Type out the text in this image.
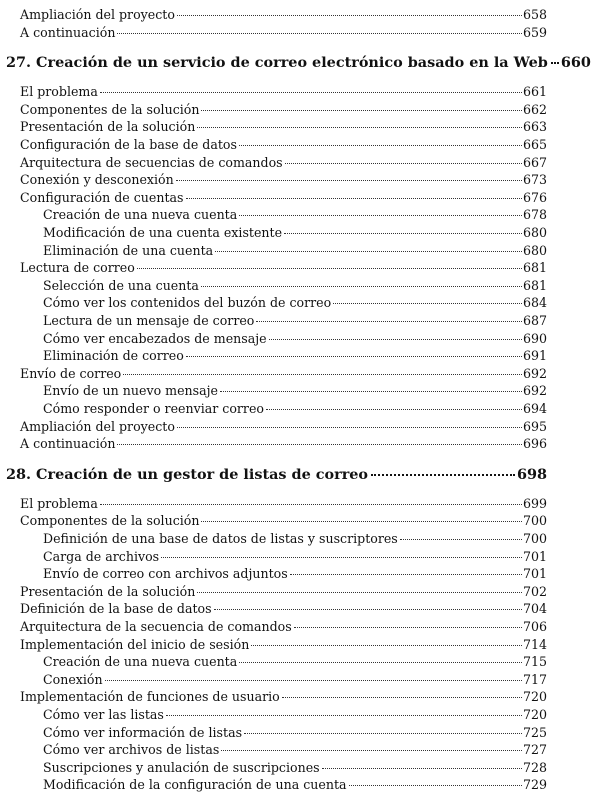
Ampliación del proyecto	658
A continuación	659
27. Creación de un servicio de correo electrónico basado en la Web 660
El problema	661
Componentes de la solución	662
Presentación de la solución	663
Configuración de la base de datos	665
Arquitectura de secuencias de comandos	667
Conexión y desconexión	673
Configuración de cuentas	676
Creación de una nueva cuenta	678
Modificación de una cuenta existente	680
Eliminación de una cuenta	680
Lectura de correo	681
Selección de una cuenta	681
Cómo ver los contenidos del buzón de correo	684
Lectura de un mensaje de correo	687
Cómo ver encabezados de mensaje	690
Eliminación de correo	691
Envío de correo	692
Envío de un nuevo mensaje	692
Cómo responder o reenviar correo	694
Ampliación del proyecto	695
A continuación	696
28. Creación de un gestor de listas de correo	698
El problema	699
Componentes de la solución	700
Definición de una base de datos de listas y suscriptores	700
Carga de archivos	701
Envío de correo con archivos adjuntos	701
Presentación de la solución	702
Definición de la base de datos	704
Arquitectura de la secuencia de comandos	706
Implementación del inicio de sesión	714
Creación de una nueva cuenta	715
Conexión	717
Implementación de funciones de usuario	720
Cómo ver las listas	720
Cómo ver información de listas	725
Cómo ver archivos de listas	727
Suscripciones y anulación de suscripciones	728
Modificación de la configuración de una cuenta	729
